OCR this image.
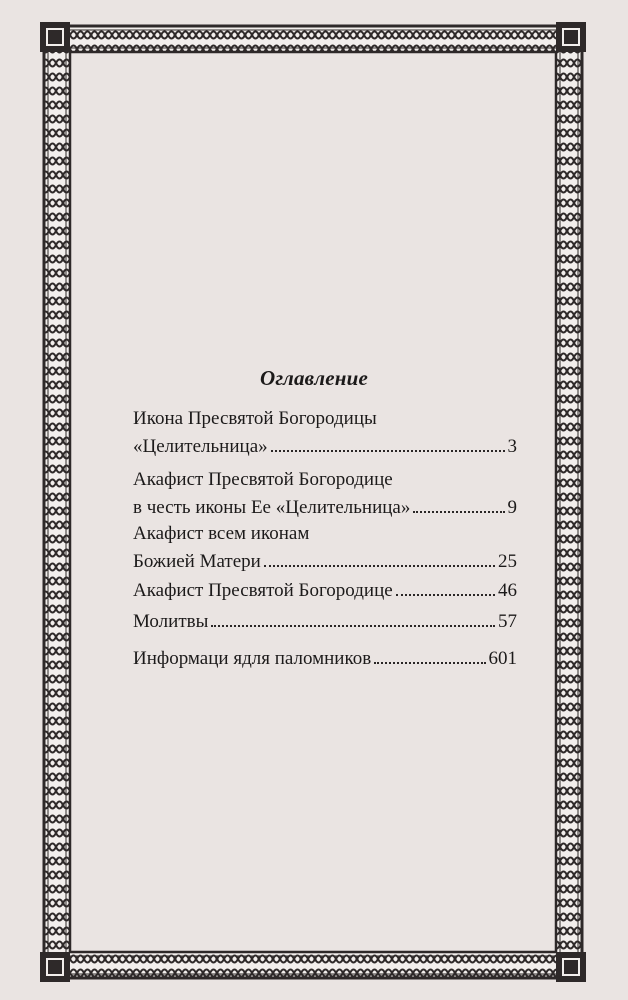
Оглавление
Икона Пресвятой Богородицы
«Целительница»	3
Акафист Пресвятой Богородице
в честь иконы Ее «Целительница»	9
Акафист всем иконам
Божией Матери	25
Акафист Пресвятой Богородице	46
Молитвы	57
Информаци ядля паломников	601
